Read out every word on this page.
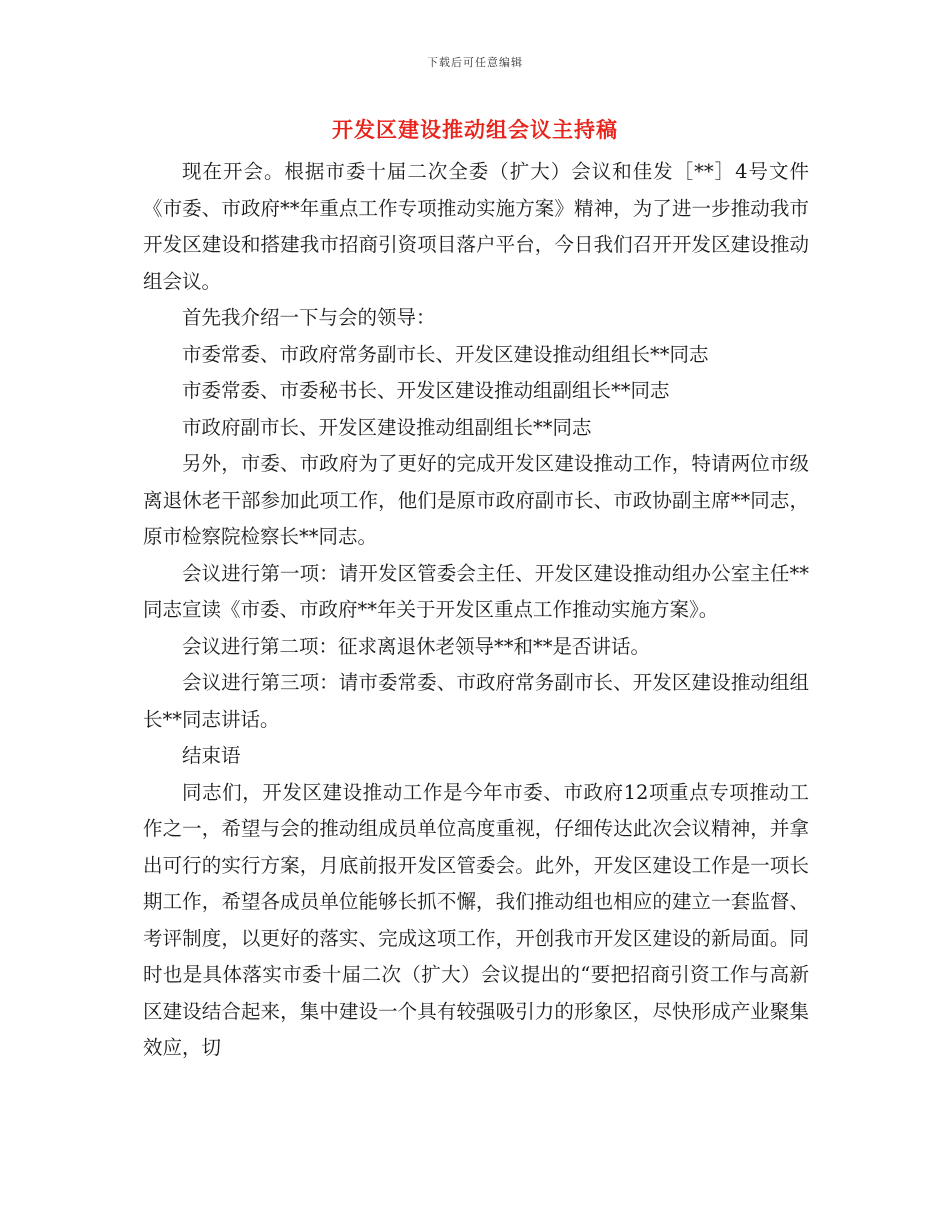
下载后可任意编辑
开发区建设推动组会议主持稿

现在开会。根据市委十届二次全委（扩大）会议和佳发［**］4号文件《市委、市政府**年重点工作专项推动实施方案》精神，为了进一步推动我市开发区建设和搭建我市招商引资项目落户平台，今日我们召开开发区建设推动组会议。

首先我介绍一下与会的领导：

市委常委、市政府常务副市长、开发区建设推动组组长**同志

市委常委、市委秘书长、开发区建设推动组副组长**同志

市政府副市长、开发区建设推动组副组长**同志

另外，市委、市政府为了更好的完成开发区建设推动工作，特请两位市级离退休老干部参加此项工作，他们是原市政府副市长、市政协副主席**同志，原市检察院检察长**同志。

会议进行第一项：请开发区管委会主任、开发区建设推动组办公室主任**同志宣读《市委、市政府**年关于开发区重点工作推动实施方案》。

会议进行第二项：征求离退休老领导**和**是否讲话。

会议进行第三项：请市委常委、市政府常务副市长、开发区建设推动组组长**同志讲话。

结束语

同志们，开发区建设推动工作是今年市委、市政府12项重点专项推动工作之一，希望与会的推动组成员单位高度重视，仔细传达此次会议精神，并拿出可行的实行方案，月底前报开发区管委会。此外，开发区建设工作是一项长期工作，希望各成员单位能够长抓不懈，我们推动组也相应的建立一套监督、考评制度，以更好的落实、完成这项工作，开创我市开发区建设的新局面。同时也是具体落实市委十届二次（扩大）会议提出的“要把招商引资工作与高新区建设结合起来，集中建设一个具有较强吸引力的形象区，尽快形成产业聚集效应，切
